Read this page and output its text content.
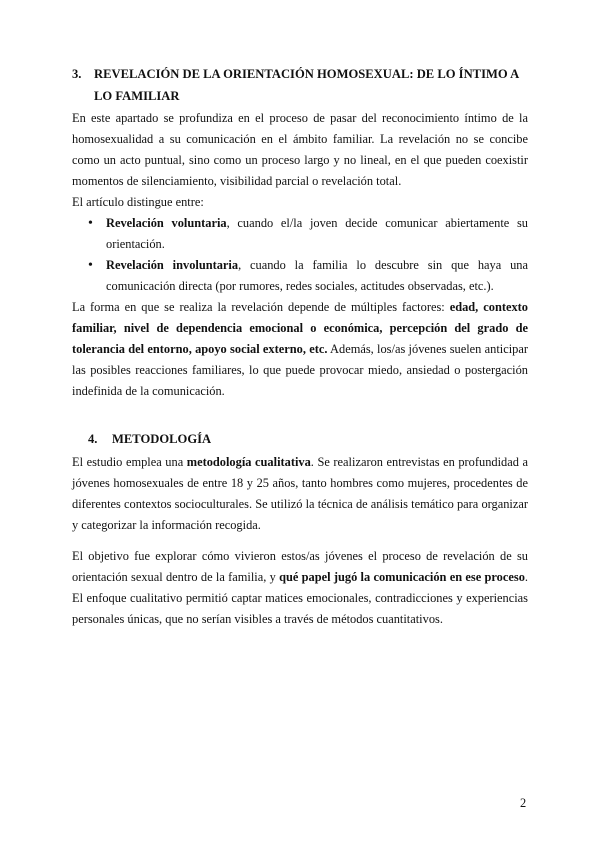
3. REVELACIÓN DE LA ORIENTACIÓN HOMOSEXUAL: DE LO ÍNTIMO A LO FAMILIAR

En este apartado se profundiza en el proceso de pasar del reconocimiento íntimo de la homosexualidad a su comunicación en el ámbito familiar. La revelación no se concibe como un acto puntual, sino como un proceso largo y no lineal, en el que pueden coexistir momentos de silenciamiento, visibilidad parcial o revelación total.

El artículo distingue entre:

•	Revelación voluntaria, cuando el/la joven decide comunicar abiertamente su orientación.
•	Revelación involuntaria, cuando la familia lo descubre sin que haya una comunicación directa (por rumores, redes sociales, actitudes observadas, etc.).

La forma en que se realiza la revelación depende de múltiples factores: edad, contexto familiar, nivel de dependencia emocional o económica, percepción del grado de tolerancia del entorno, apoyo social externo, etc. Además, los/as jóvenes suelen anticipar las posibles reacciones familiares, lo que puede provocar miedo, ansiedad o postergación indefinida de la comunicación.

4.	METODOLOGÍA

El estudio emplea una metodología cualitativa. Se realizaron entrevistas en profundidad a jóvenes homosexuales de entre 18 y 25 años, tanto hombres como mujeres, procedentes de diferentes contextos socioculturales. Se utilizó la técnica de análisis temático para organizar y categorizar la información recogida.

El objetivo fue explorar cómo vivieron estos/as jóvenes el proceso de revelación de su orientación sexual dentro de la familia, y qué papel jugó la comunicación en ese proceso. El enfoque cualitativo permitió captar matices emocionales, contradicciones y experiencias personales únicas, que no serían visibles a través de métodos cuantitativos.

2
